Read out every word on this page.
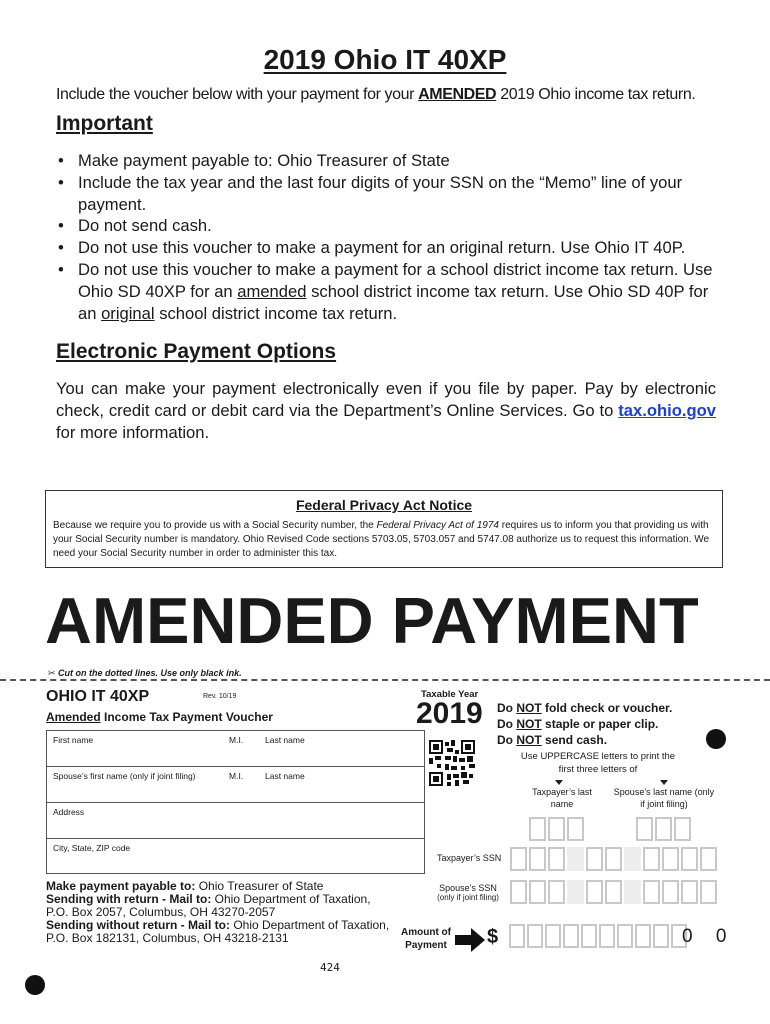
2019 Ohio IT 40XP
Include the voucher below with your payment for your AMENDED 2019 Ohio income tax return.
Important
• Make payment payable to: Ohio Treasurer of State
• Include the tax year and the last four digits of your SSN on the “Memo” line of your payment.
• Do not send cash.
• Do not use this voucher to make a payment for an original return. Use Ohio IT 40P.
• Do not use this voucher to make a payment for a school district income tax return. Use Ohio SD 40XP for an amended school district income tax return. Use Ohio SD 40P for an original school district income tax return.
Electronic Payment Options
You can make your payment electronically even if you file by paper. Pay by electronic check, credit card or debit card via the Department’s Online Services. Go to tax.ohio.gov for more information.
Federal Privacy Act Notice
Because we require you to provide us with a Social Security number, the Federal Privacy Act of 1974 requires us to inform you that providing us with your Social Security number is mandatory. Ohio Revised Code sections 5703.05, 5703.057 and 5747.08 authorize us to request this information. We need your Social Security number in order to administer this tax.
AMENDED PAYMENT
✂ Cut on the dotted lines. Use only black ink.
OHIO IT 40XP	Rev. 10/19
Amended Income Tax Payment Voucher
Taxable Year
2019 Do NOT fold check or voucher.
Do NOT staple or paper clip.
Do NOT send cash.
First name	M.I.	Last name
Spouse’s first name (only if joint filing)	M.I.	Last name
Address
City, State, ZIP code
Use UPPERCASE letters to print the first three letters of
Taxpayer’s last name
Spouse’s last name (only if joint filing)
Taxpayer’s SSN
Spouse’s SSN
(only if joint filing)
Make payment payable to: Ohio Treasurer of State
Sending with return - Mail to: Ohio Department of Taxation,
P.O. Box 2057, Columbus, OH 43270-2057
Sending without return - Mail to: Ohio Department of Taxation,
P.O. Box 182131, Columbus, OH 43218-2131	Amount of Payment	$	0 0
424
